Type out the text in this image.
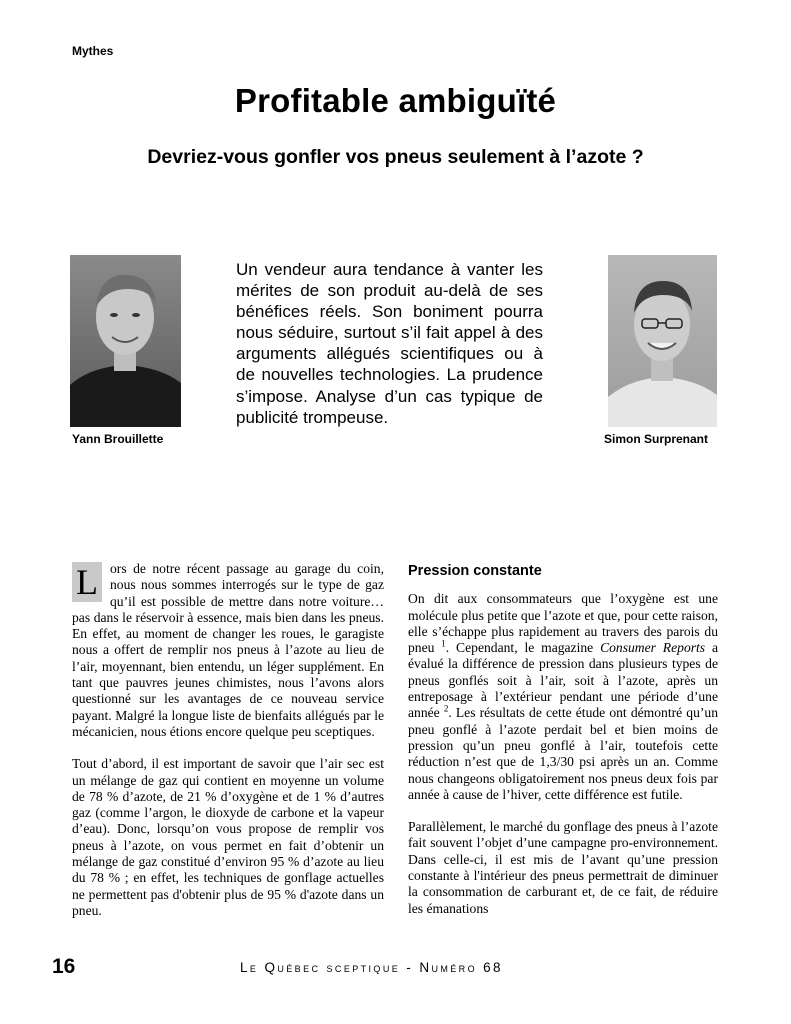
Mythes
Profitable ambiguïté
Devriez-vous gonfler vos pneus seulement à l’azote ?
Yann Brouillette
Un vendeur aura tendance à vanter les mérites de son produit au-delà de ses bénéfices réels. Son boniment pourra nous séduire, surtout s’il fait appel à des arguments allégués scientifiques ou à de nouvelles technologies. La prudence s’impose. Analyse d’un cas typique de publicité trompeuse.
Simon Surprenant

L ors de notre récent passage au garage du coin, nous nous sommes interrogés sur le type de gaz qu’il est possible de mettre dans notre voiture… pas dans le réservoir à essence, mais bien dans les pneus. En effet, au moment de changer les roues, le garagiste nous a offert de remplir nos pneus à l’azote au lieu de l’air, moyennant, bien entendu, un léger supplément. En tant que pauvres jeunes chimistes, nous l’avons alors questionné sur les avantages de ce nouveau service payant. Malgré la longue liste de bienfaits allégués par le mécanicien, nous étions encore quelque peu sceptiques.

Tout d’abord, il est important de savoir que l’air sec est un mélange de gaz qui contient en moyenne un volume de 78 % d’azote, de 21 % d’oxygène et de 1 % d’autres gaz (comme l’argon, le dioxyde de carbone et la vapeur d’eau). Donc, lorsqu’on vous propose de remplir vos pneus à l’azote, on vous permet en fait d’obtenir un mélange de gaz constitué d’environ 95 % d’azote au lieu du 78 % ; en effet, les techniques de gonflage actuelles ne permettent pas d'obtenir plus de 95 % d'azote dans un pneu.

Pression constante

On dit aux consommateurs que l’oxygène est une molécule plus petite que l’azote et que, pour cette raison, elle s’échappe plus rapidement au travers des parois du pneu $^1$. Cependant, le magazine Consumer Reports a évalué la différence de pression dans plusieurs types de pneus gonflés soit à l’air, soit à l’azote, après un entreposage à l’extérieur pendant une période d’une année $^2$. Les résultats de cette étude ont démontré qu’un pneu gonflé à l’azote perdait bel et bien moins de pression qu’un pneu gonflé à l’air, toutefois cette réduction n’est que de 1,3/30 psi après un an. Comme nous changeons obligatoirement nos pneus deux fois par année à cause de l’hiver, cette différence est futile.

Parallèlement, le marché du gonflage des pneus à l’azote fait souvent l’objet d’une campagne pro-environnement. Dans celle-ci, il est mis de l’avant qu’une pression constante à l'intérieur des pneus permettrait de diminuer la consommation de carburant et, de ce fait, de réduire les émanations

16	Le Québec sceptique - Numéro 68
